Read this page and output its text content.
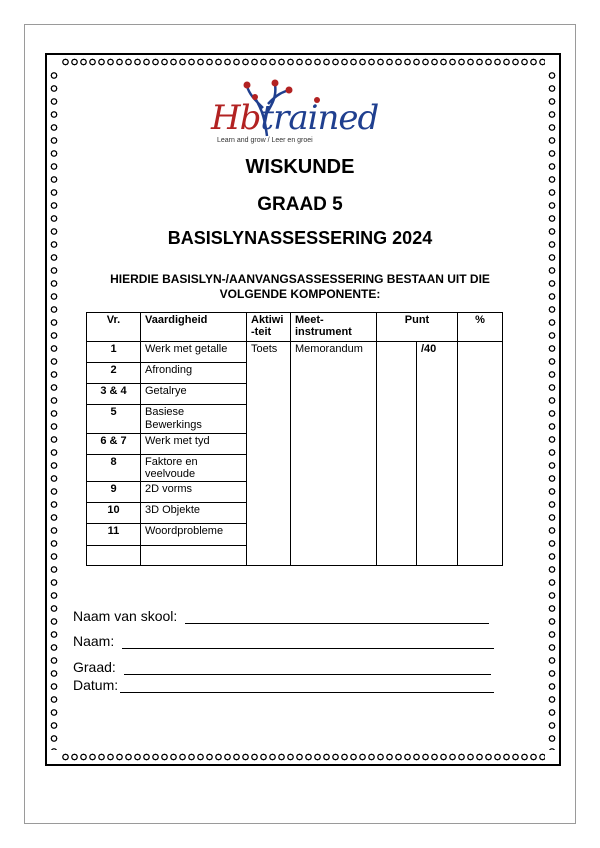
Hbtrained
Learn and grow / Leer en groei
WISKUNDE
GRAAD 5
BASISLYNASSESSERING 2024
HIERDIE BASISLYN-/AANVANGSASSESSERING BESTAAN UIT DIE VOLGENDE KOMPONENTE:
Vr.	Vaardigheid	Aktiwi -teit	Meet-instrument	Punt		%
1	Werk met getalle	Toets	Memorandum		/40	
2	Afronding					
3 & 4	Getalrye					
5	Basiese Bewerkings					
6 & 7	Werk met tyd					
8	Faktore en veelvoude					
9	2D vorms					
10	3D Objekte					
11	Woordprobleme					

Naam van skool:
Naam:
Graad:
Datum:
